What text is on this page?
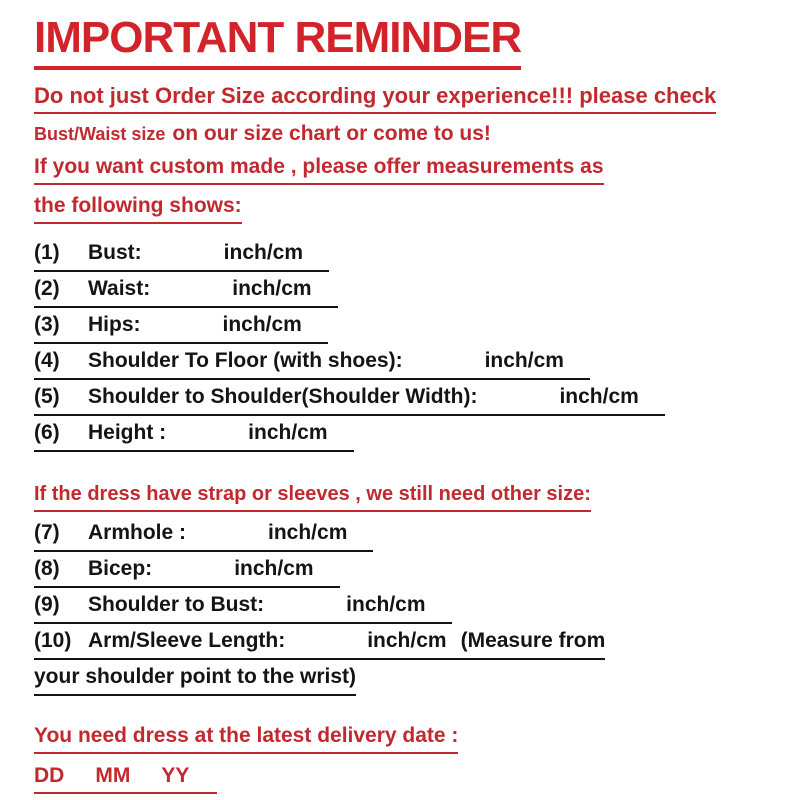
IMPORTANT REMINDER
Do not just Order Size according your experience!!! please check
Bust/Waist size on our size chart or come to us!
If you want custom made , please offer measurements as
the following shows:
(1) Bust:	inch/cm
(2) Waist:	inch/cm
(3) Hips:	inch/cm
(4) Shoulder To Floor (with shoes):	inch/cm
(5) Shoulder to Shoulder(Shoulder Width):	inch/cm
(6) Height :	inch/cm
If the dress have strap or sleeves , we still need other size:
(7) Armhole :	inch/cm
(8) Bicep:	inch/cm
(9) Shoulder to Bust:	inch/cm
(10) Arm/Sleeve Length:	inch/cm (Measure from
your shoulder point to the wrist)
You need dress at the latest delivery date :
DD MM YY
